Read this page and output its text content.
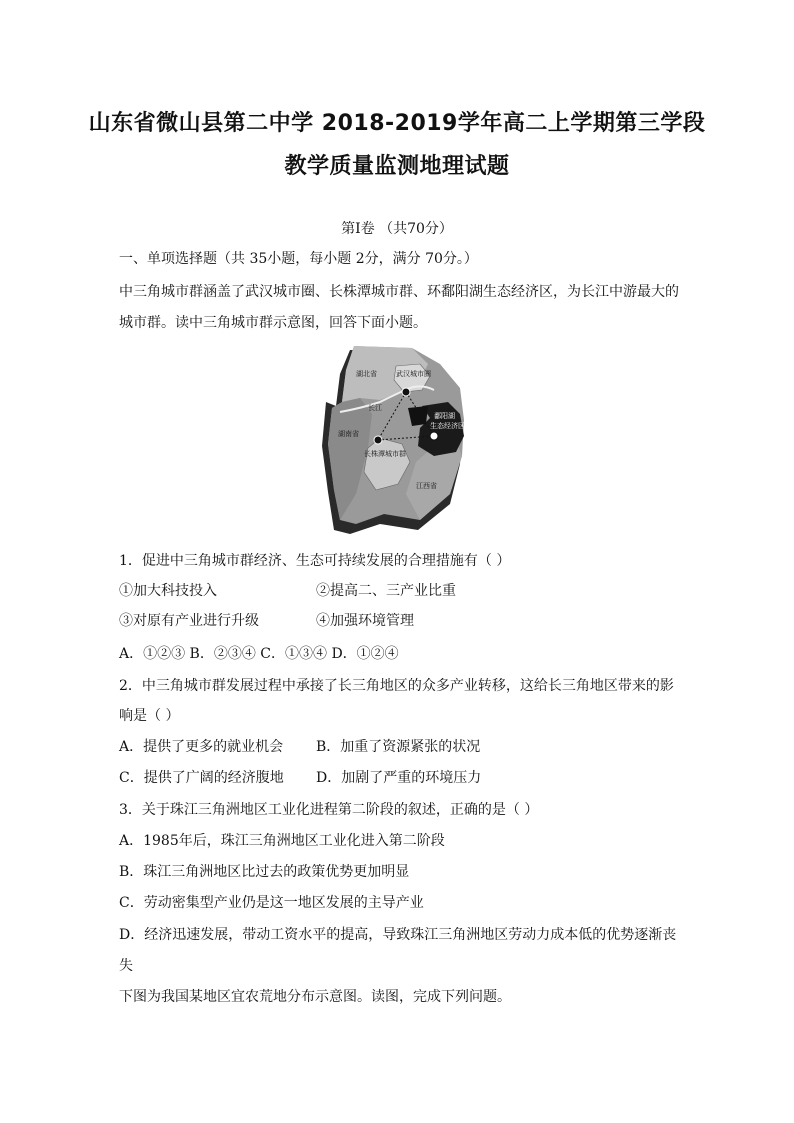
山东省微山县第二中学 2018-2019学年高二上学期第三学段
教学质量监测地理试题
第Ⅰ卷 （共70分）
一、单项选择题（共 35小题，每小题 2分，满分 70分。）
中三角城市群涵盖了武汉城市圈、长株潭城市群、环鄱阳湖生态经济区，为长江中游最大的
城市群。读中三角城市群示意图，回答下面小题。
湖北省	武汉城市圈
长江
鄱阳湖
生态经济区
湖南省
长株潭城市群
江西省
1．促进中三角城市群经济、生态可持续发展的合理措施有（ ）
①加大科技投入	②提高二、三产业比重
③对原有产业进行升级	④加强环境管理
A．①②③ B．②③④ C．①③④ D．①②④
2．中三角城市群发展过程中承接了长三角地区的众多产业转移，这给长三角地区带来的影
响是（ ）
A．提供了更多的就业机会 B．加重了资源紧张的状况
C．提供了广阔的经济腹地 D．加剧了严重的环境压力
3．关于珠江三角洲地区工业化进程第二阶段的叙述，正确的是（ ）
A．1985年后，珠江三角洲地区工业化进入第二阶段
B．珠江三角洲地区比过去的政策优势更加明显
C．劳动密集型产业仍是这一地区发展的主导产业
D．经济迅速发展，带动工资水平的提高，导致珠江三角洲地区劳动力成本低的优势逐渐丧
失
下图为我国某地区宜农荒地分布示意图。读图，完成下列问题。
